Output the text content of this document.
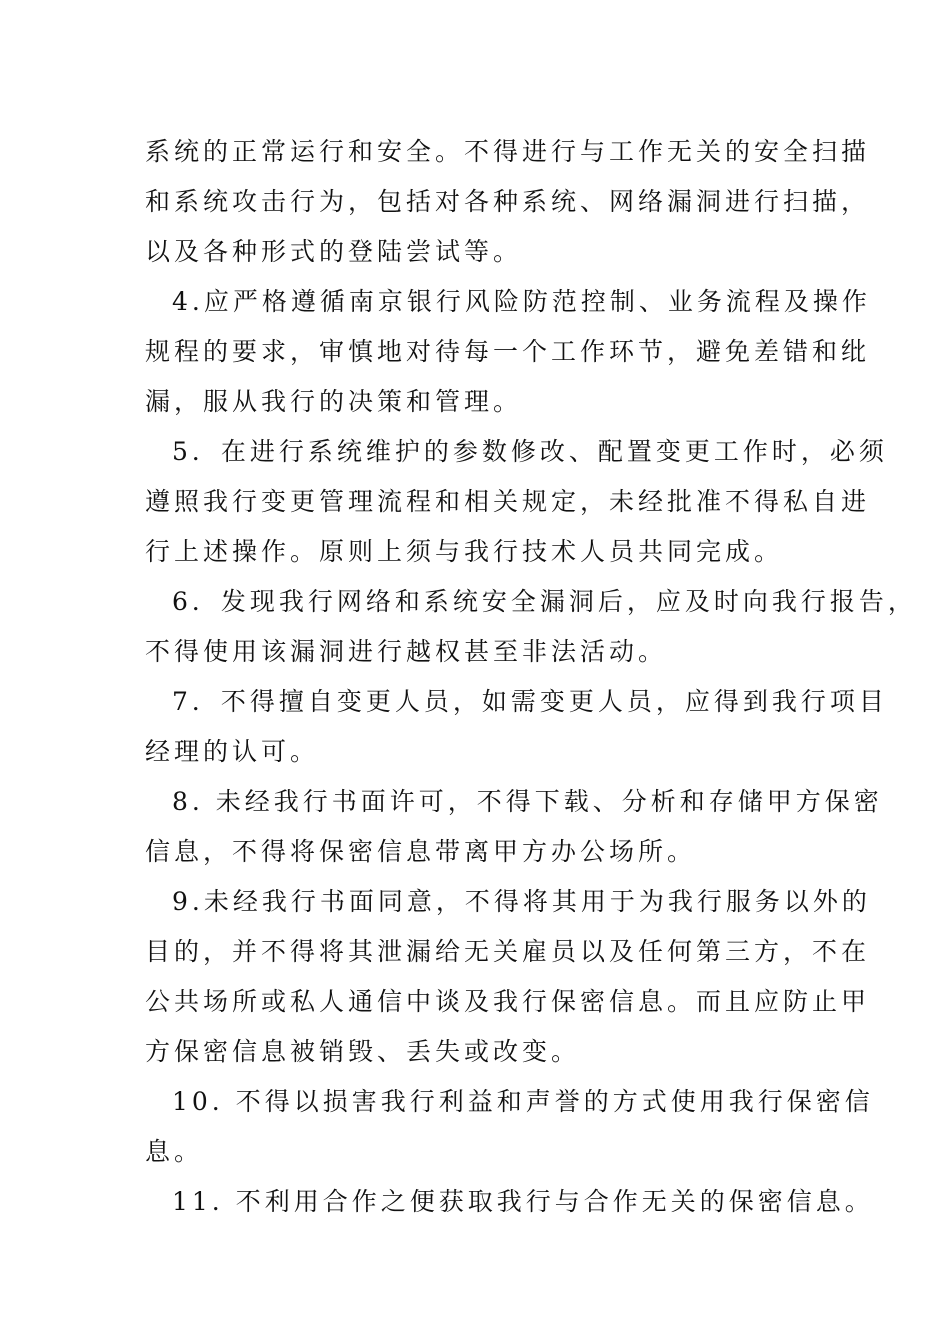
系统的正常运行和安全。不得进行与工作无关的安全扫描
和系统攻击行为，包括对各种系统、网络漏洞进行扫描，
以及各种形式的登陆尝试等。
4.应严格遵循南京银行风险防范控制、业务流程及操作
规程的要求，审慎地对待每一个工作环节，避免差错和纰
漏，服从我行的决策和管理。
5．在进行系统维护的参数修改、配置变更工作时，必须
遵照我行变更管理流程和相关规定，未经批准不得私自进
行上述操作。原则上须与我行技术人员共同完成。
6．发现我行网络和系统安全漏洞后，应及时向我行报告，
不得使用该漏洞进行越权甚至非法活动。
7．不得擅自变更人员，如需变更人员，应得到我行项目
经理的认可。
8. 未经我行书面许可，不得下载、分析和存储甲方保密
信息，不得将保密信息带离甲方办公场所。
9.未经我行书面同意，不得将其用于为我行服务以外的
目的，并不得将其泄漏给无关雇员以及任何第三方，不在
公共场所或私人通信中谈及我行保密信息。而且应防止甲
方保密信息被销毁、丢失或改变。
10. 不得以损害我行利益和声誉的方式使用我行保密信
息。
11. 不利用合作之便获取我行与合作无关的保密信息。
